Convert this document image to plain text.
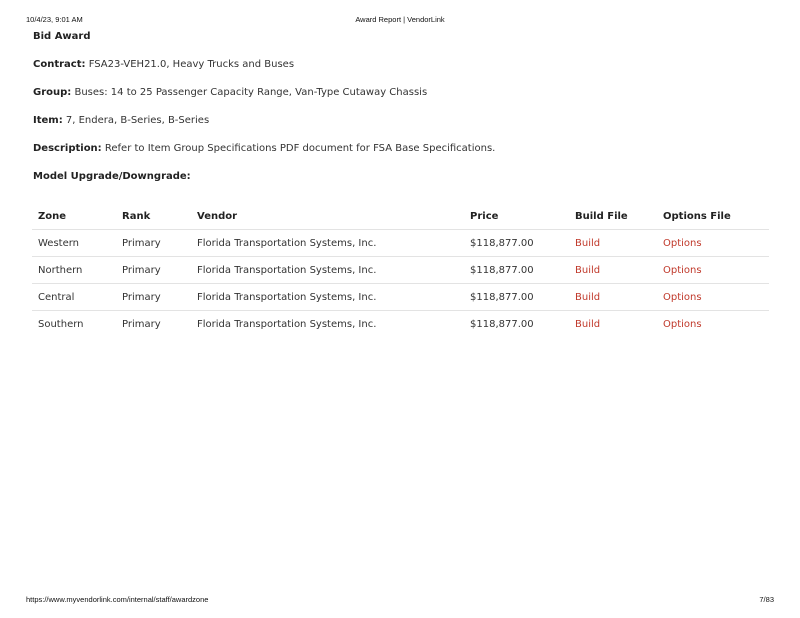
10/4/23, 9:01 AM	Award Report | VendorLink
Bid Award
Contract: FSA23-VEH21.0, Heavy Trucks and Buses
Group: Buses: 14 to 25 Passenger Capacity Range, Van-Type Cutaway Chassis
Item: 7, Endera, B-Series, B-Series
Description: Refer to Item Group Specifications PDF document for FSA Base Specifications.
Model Upgrade/Downgrade:
Zone	Rank	Vendor	Price	Build File	Options File
Western	Primary	Florida Transportation Systems, Inc.	$118,877.00	Build	Options
Northern	Primary	Florida Transportation Systems, Inc.	$118,877.00	Build	Options
Central	Primary	Florida Transportation Systems, Inc.	$118,877.00	Build	Options
Southern	Primary	Florida Transportation Systems, Inc.	$118,877.00	Build	Options
https://www.myvendorlink.com/internal/staff/awardzone	7/83
